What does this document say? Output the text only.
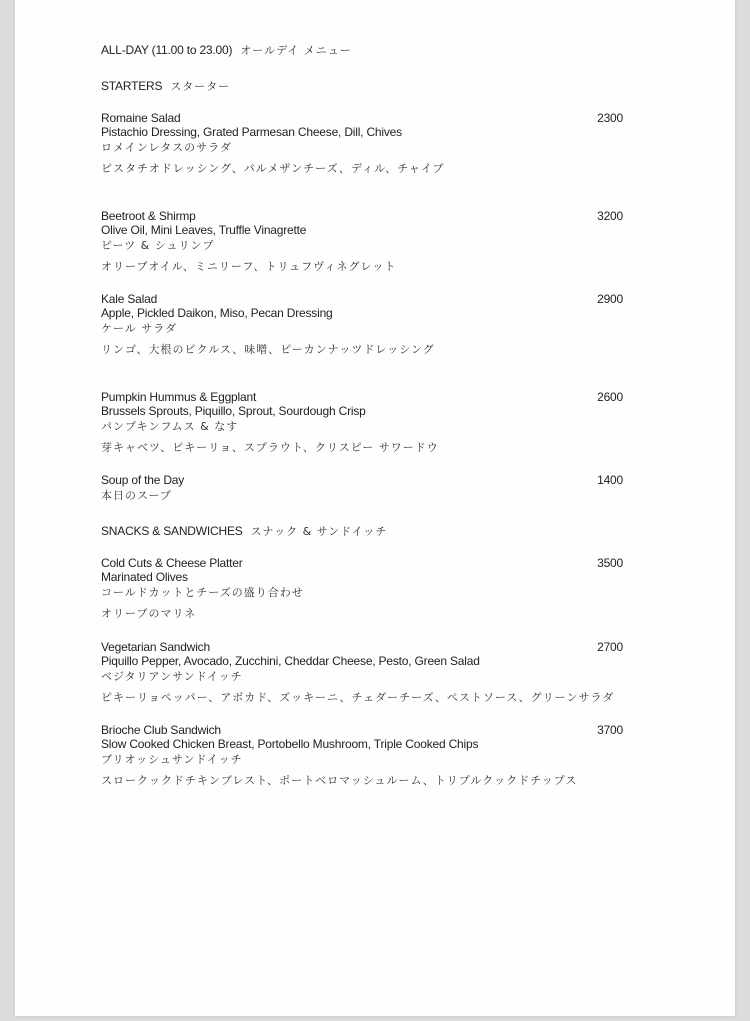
ALL-DAY (11.00 to 23.00) オールデイ メニュー
STARTERS スターター
Romaine Salad	2300
Pistachio Dressing, Grated Parmesan Cheese, Dill, Chives
ロメインレタスのサラダ
ピスタチオドレッシング、パルメザンチーズ、ディル、チャイブ
Beetroot & Shirmp	3200
Olive Oil, Mini Leaves, Truffle Vinagrette
ビーツ & シュリンプ
オリーブオイル、ミニリーフ、トリュフヴィネグレット
Kale Salad	2900
Apple, Pickled Daikon, Miso, Pecan Dressing
ケール サラダ
リンゴ、大根のピクルス、味噌、ピーカンナッツドレッシング
Pumpkin Hummus & Eggplant	2600
Brussels Sprouts, Piquillo, Sprout, Sourdough Crisp
パンプキンフムス & なす
芽キャベツ、ピキーリョ、スプラウト、クリスピー サワードウ
Soup of the Day	1400
本日のスープ
SNACKS & SANDWICHES スナック & サンドイッチ
Cold Cuts & Cheese Platter	3500
Marinated Olives
コールドカットとチーズの盛り合わせ
オリーブのマリネ
Vegetarian Sandwich	2700
Piquillo Pepper, Avocado, Zucchini, Cheddar Cheese, Pesto, Green Salad
ベジタリアンサンドイッチ
ピキーリョペッパー、アボカド、ズッキーニ、チェダーチーズ、ペストソース、グリーンサラダ
Brioche Club Sandwich	3700
Slow Cooked Chicken Breast, Portobello Mushroom, Triple Cooked Chips
ブリオッシュサンドイッチ
スロークックドチキンブレスト、ポートベロマッシュルーム、トリプルクックドチップス
